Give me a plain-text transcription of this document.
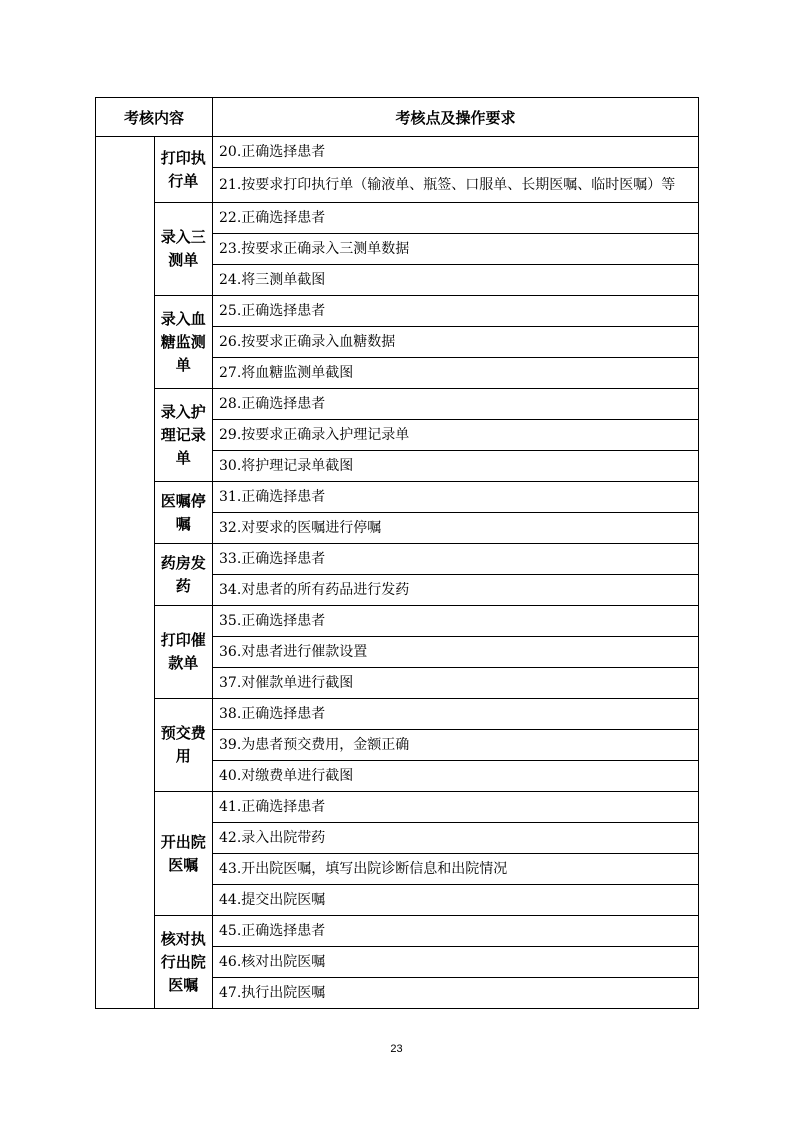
考核内容		考核点及操作要求
	打印执行单	20.正确选择患者
		21.按要求打印执行单（输液单、瓶签、口服单、长期医嘱、临时医嘱）等
	录入三测单	22.正确选择患者
		23.按要求正确录入三测单数据
		24.将三测单截图
	录入血糖监测单	25.正确选择患者
		26.按要求正确录入血糖数据
		27.将血糖监测单截图
	录入护理记录单	28.正确选择患者
		29.按要求正确录入护理记录单
		30.将护理记录单截图
	医嘱停嘱	31.正确选择患者
		32.对要求的医嘱进行停嘱
	药房发药	33.正确选择患者
		34.对患者的所有药品进行发药
	打印催款单	35.正确选择患者
		36.对患者进行催款设置
		37.对催款单进行截图
	预交费用	38.正确选择患者
		39.为患者预交费用，金额正确
		40.对缴费单进行截图
	开出院医嘱	41.正确选择患者
		42.录入出院带药
		43.开出院医嘱，填写出院诊断信息和出院情况
		44.提交出院医嘱
	核对执行出院医嘱	45.正确选择患者
		46.核对出院医嘱
		47.执行出院医嘱
23
